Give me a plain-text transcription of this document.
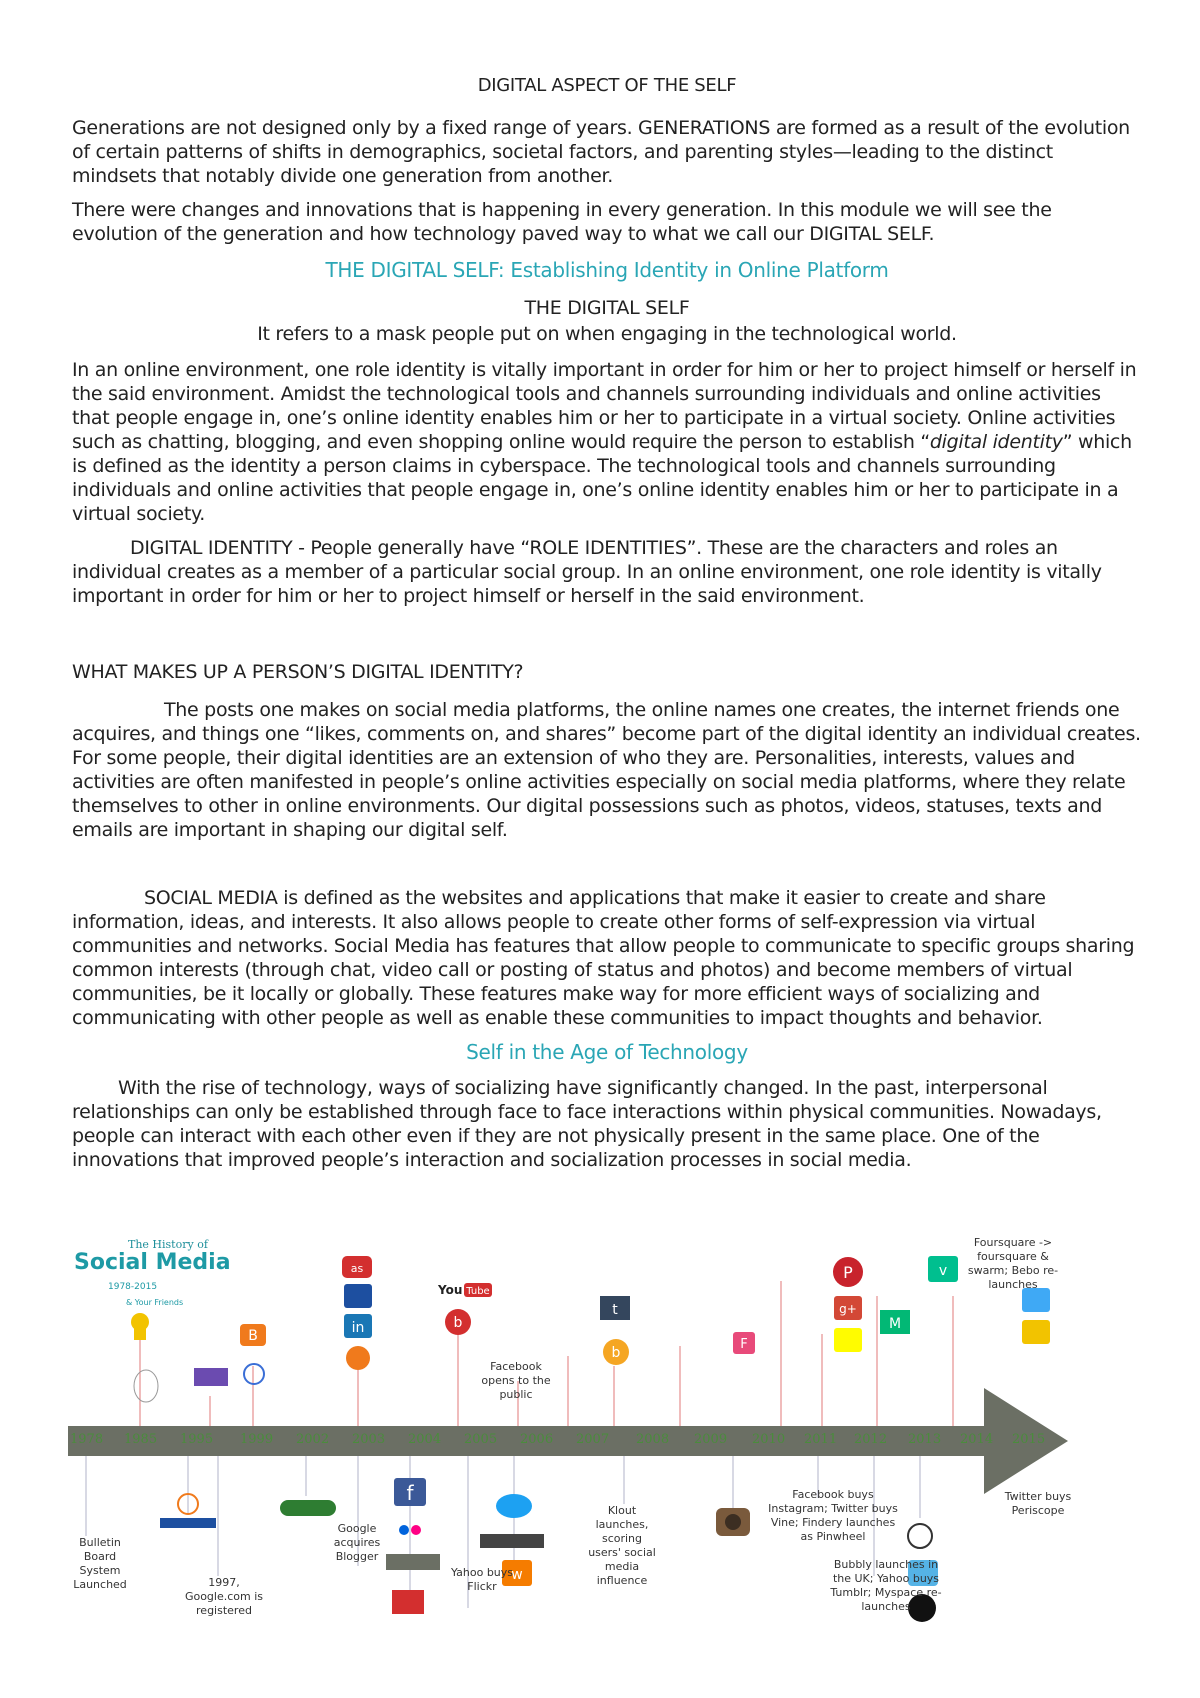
DIGITAL ASPECT OF THE SELF

Generations are not designed only by a fixed range of years. GENERATIONS are formed as a result of the evolution of certain patterns of shifts in demographics, societal factors, and parenting styles—leading to the distinct mindsets that notably divide one generation from another.

There were changes and innovations that is happening in every generation. In this module we will see the evolution of the generation and how technology paved way to what we call our DIGITAL SELF.

THE DIGITAL SELF: Establishing Identity in Online Platform

THE DIGITAL SELF

It refers to a mask people put on when engaging in the technological world.

In an online environment, one role identity is vitally important in order for him or her to project himself or herself in the said environment. Amidst the technological tools and channels surrounding individuals and online activities that people engage in, one’s online identity enables him or her to participate in a virtual society. Online activities such as chatting, blogging, and even shopping online would require the person to establish “digital identity” which is defined as the identity a person claims in cyberspace. The technological tools and channels surrounding individuals and online activities that people engage in, one’s online identity enables him or her to participate in a virtual society.

DIGITAL IDENTITY - People generally have “ROLE IDENTITIES”. These are the characters and roles an individual creates as a member of a particular social group. In an online environment, one role identity is vitally important in order for him or her to project himself or herself in the said environment.

WHAT MAKES UP A PERSON’S DIGITAL IDENTITY?

The posts one makes on social media platforms, the online names one creates, the internet friends one acquires, and things one “likes, comments on, and shares” become part of the digital identity an individual creates. For some people, their digital identities are an extension of who they are. Personalities, interests, values and activities are often manifested in people’s online activities especially on social media platforms, where they relate themselves to other in online environments. Our digital possessions such as photos, videos, statuses, texts and emails are important in shaping our digital self.

SOCIAL MEDIA is defined as the websites and applications that make it easier to create and share information, ideas, and interests. It also allows people to create other forms of self-expression via virtual communities and networks. Social Media has features that allow people to communicate to specific groups sharing common interests (through chat, video call or posting of status and photos) and become members of virtual communities, be it locally or globally. These features make way for more efficient ways of socializing and communicating with other people as well as enable these communities to impact thoughts and behavior.

Self in the Age of Technology

With the rise of technology, ways of socializing have significantly changed. In the past, interpersonal relationships can only be established through face to face interactions within physical communities. Nowadays, people can interact with each other even if they are not physically present in the same place. One of the innovations that improved people’s interaction and socialization processes in social media.

B
as
in
You Tube
b
t
b
F
P
g+
M
v
f
w
The History of
Social Media
1978-2015
& Your Friends
1978 1985 1995 1999 2002 2003 2004 2005 2006 2007 2008 2009 2010 2011 2012 2013 2014 2015
Bulletin Board System Launched	1997, Google.com is registered
Google acquires Blogger
Yahoo buys Flickr
Facebook opens to the public
Klout launches, scoring users' social media influence
Facebook buys Instagram; Twitter buys Vine; Findery launches as Pinwheel
Bubbly launches in the UK; Yahoo buys Tumblr; Myspace re-launches
Foursquare -> foursquare & swarm; Bebo re-launches
Twitter buys Periscope
